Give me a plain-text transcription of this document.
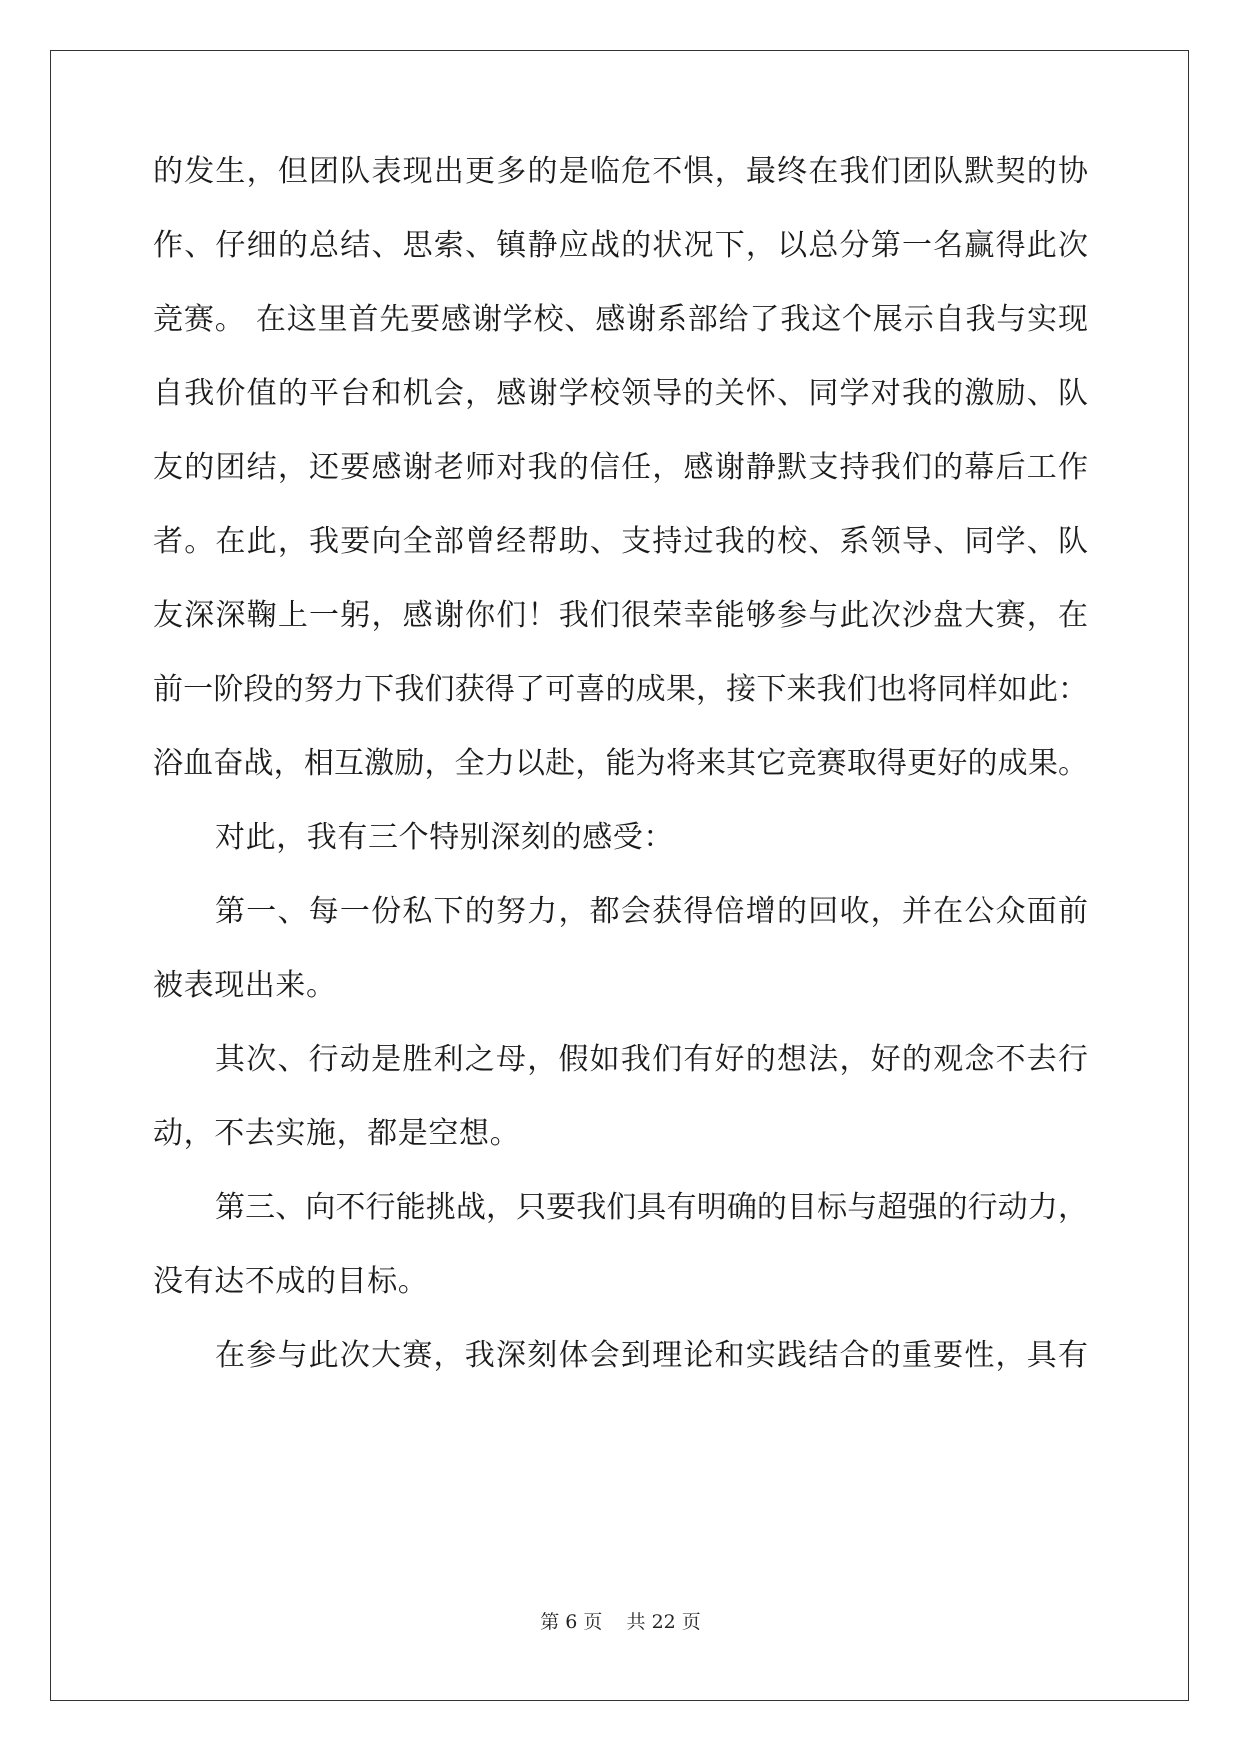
的发生，但团队表现出更多的是临危不惧，最终在我们团队默契的协
作、仔细的总结、思索、镇静应战的状况下，以总分第一名赢得此次
竞赛。 在这里首先要感谢学校、感谢系部给了我这个展示自我与实现
自我价值的平台和机会，感谢学校领导的关怀、同学对我的激励、队
友的团结，还要感谢老师对我的信任，感谢静默支持我们的幕后工作
者。在此，我要向全部曾经帮助、支持过我的校、系领导、同学、队
友深深鞠上一躬，感谢你们！我们很荣幸能够参与此次沙盘大赛，在
前一阶段的努力下我们获得了可喜的成果，接下来我们也将同样如此：
浴血奋战，相互激励，全力以赴，能为将来其它竞赛取得更好的成果。
对此，我有三个特别深刻的感受：
第一、每一份私下的努力，都会获得倍增的回收，并在公众面前
被表现出来。
其次、行动是胜利之母，假如我们有好的想法，好的观念不去行
动，不去实施，都是空想。
第三、向不行能挑战，只要我们具有明确的目标与超强的行动力，
没有达不成的目标。
在参与此次大赛，我深刻体会到理论和实践结合的重要性，具有
第 6 页 共 22 页
